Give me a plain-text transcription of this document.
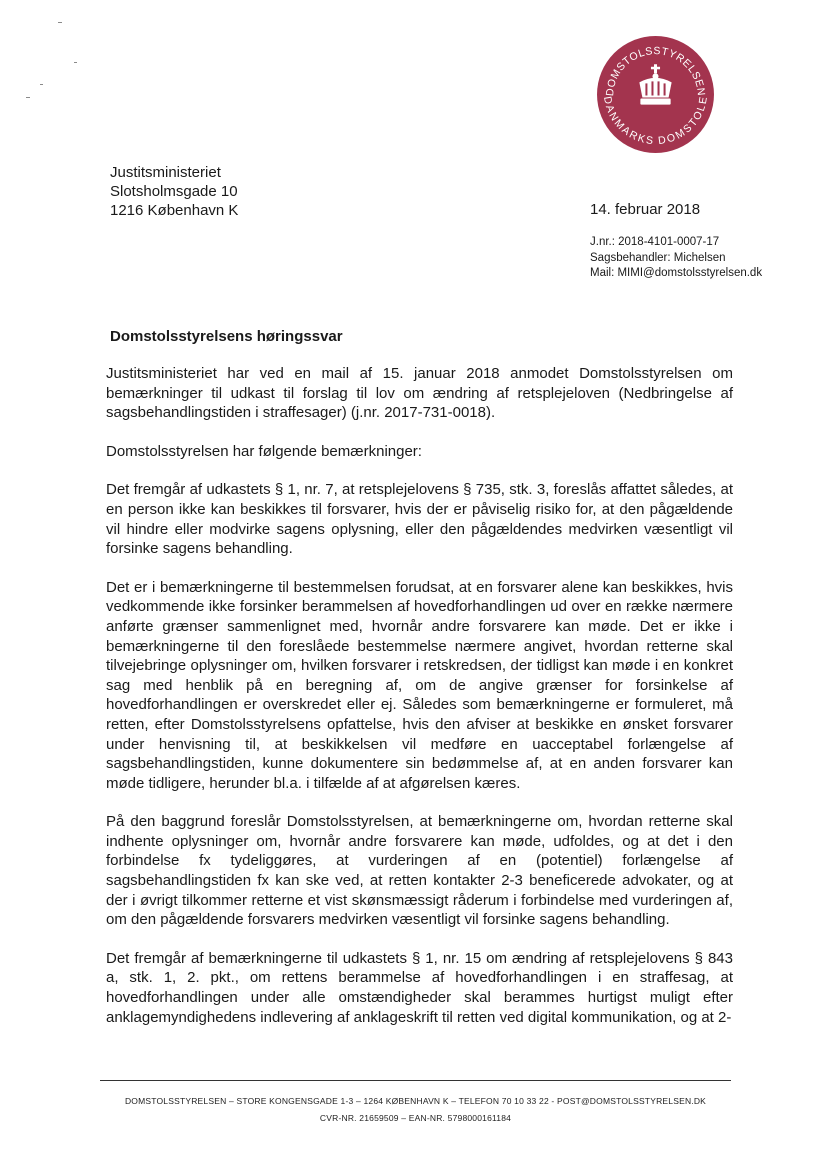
DOMSTOLSSTYRELSEN
DANMARKS DOMSTOLE
Justitsministeriet
Slotsholmsgade 10
1216 København K	14. februar 2018
J.nr.: 2018-4101-0007-17
Sagsbehandler: Michelsen
Mail: MIMI@domstolsstyrelsen.dk
Domstolsstyrelsens høringssvar

Justitsministeriet har ved en mail af 15. januar 2018 anmodet Domstolsstyrelsen om bemærkninger til udkast til forslag til lov om ændring af retsplejeloven (Nedbringelse af sagsbehandlingstiden i straffesager) (j.nr. 2017-731-0018).

Domstolsstyrelsen har følgende bemærkninger:

Det fremgår af udkastets § 1, nr. 7, at retsplejelovens § 735, stk. 3, foreslås affattet således, at en person ikke kan beskikkes til forsvarer, hvis der er påviselig risiko for, at den pågældende vil hindre eller modvirke sagens oplysning, eller den pågældendes medvirken væsentligt vil forsinke sagens behandling.

Det er i bemærkningerne til bestemmelsen forudsat, at en forsvarer alene kan beskikkes, hvis vedkommende ikke forsinker berammelsen af hovedforhandlingen ud over en række nærmere anførte grænser sammenlignet med, hvornår andre forsvarere kan møde. Det er ikke i bemærkningerne til den foreslåede bestemmelse nærmere angivet, hvordan retterne skal tilvejebringe oplysninger om, hvilken forsvarer i retskredsen, der tidligst kan møde i en konkret sag med henblik på en beregning af, om de angive grænser for forsinkelse af hovedforhandlingen er overskredet eller ej. Således som bemærkningerne er formuleret, må retten, efter Domstolsstyrelsens opfattelse, hvis den afviser at beskikke en ønsket forsvarer under henvisning til, at beskikkelsen vil medføre en uacceptabel forlængelse af sagsbehandlingstiden, kunne dokumentere sin bedømmelse af, at en anden forsvarer kan møde tidligere, herunder bl.a. i tilfælde af at afgørelsen kæres.

På den baggrund foreslår Domstolsstyrelsen, at bemærkningerne om, hvordan retterne skal indhente oplysninger om, hvornår andre forsvarere kan møde, udfoldes, og at det i den forbindelse fx tydeliggøres, at vurderingen af en (potentiel) forlængelse af sagsbehandlingstiden fx kan ske ved, at retten kontakter 2-3 beneficerede advokater, og at der i øvrigt tilkommer retterne et vist skønsmæssigt råderum i forbindelse med vurderingen af, om den pågældende forsvarers medvirken væsentligt vil forsinke sagens behandling.

Det fremgår af bemærkningerne til udkastets § 1, nr. 15 om ændring af retsplejelovens § 843 a, stk. 1, 2. pkt., om rettens berammelse af hovedforhandlingen i en straffesag, at hovedforhandlingen under alle omstændigheder skal berammes hurtigst muligt efter anklagemyndighedens indlevering af anklageskrift til retten ved digital kommunikation, og at 2-

DOMSTOLSSTYRELSEN – STORE KONGENSGADE 1-3 – 1264 KØBENHAVN K – TELEFON 70 10 33 22 - POST@DOMSTOLSSTYRELSEN.DK
CVR-NR. 21659509 – EAN-NR. 5798000161184
